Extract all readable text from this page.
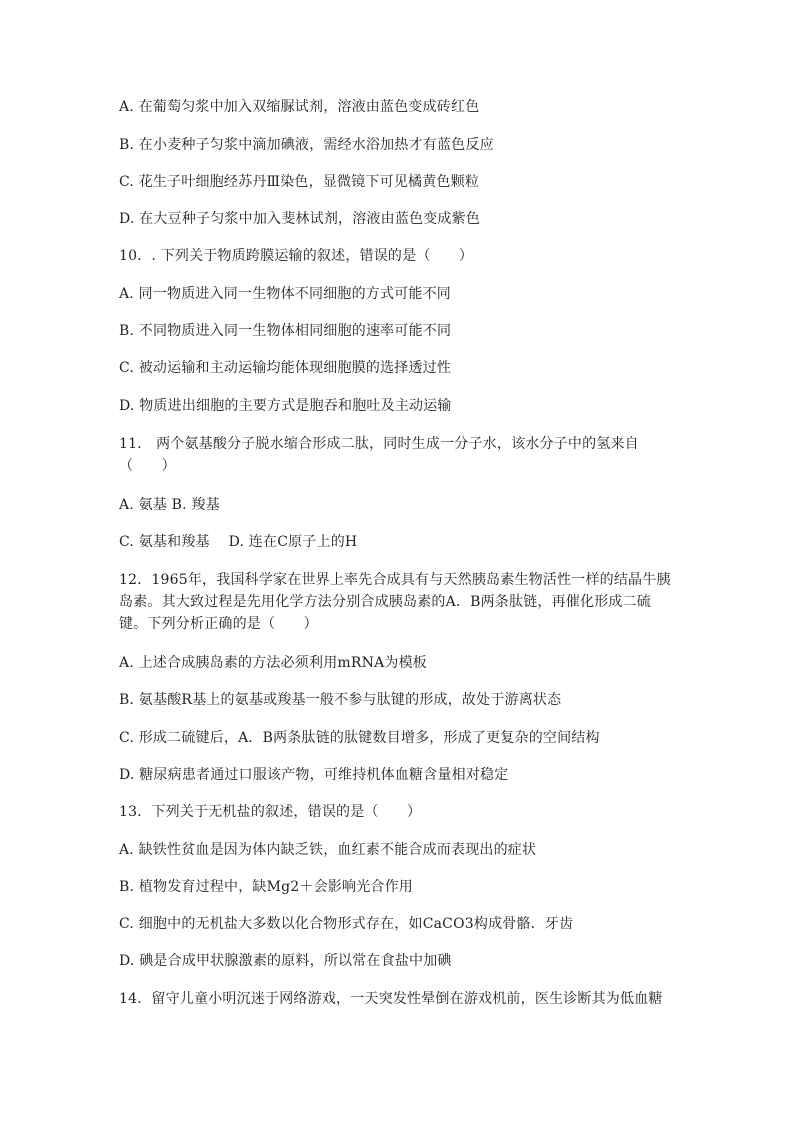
A. 在葡萄匀浆中加入双缩脲试剂，溶液由蓝色变成砖红色
B. 在小麦种子匀浆中滴加碘液，需经水浴加热才有蓝色反应
C. 花生子叶细胞经苏丹Ⅲ染色，显微镜下可见橘黄色颗粒
D. 在大豆种子匀浆中加入斐林试剂，溶液由蓝色变成紫色
10．. 下列关于物质跨膜运输的叙述，错误的是（　　）
A. 同一物质进入同一生物体不同细胞的方式可能不同
B. 不同物质进入同一生物体相同细胞的速率可能不同
C. 被动运输和主动运输均能体现细胞膜的选择透过性
D. 物质进出细胞的主要方式是胞吞和胞吐及主动运输
11． 两个氨基酸分子脱水缩合形成二肽，同时生成一分子水，该水分子中的氢来自（　　）
A. 氨基 B. 羧基
C. 氨基和羧基　 D. 连在C原子上的H
12．1965年，我国科学家在世界上率先合成具有与天然胰岛素生物活性一样的结晶牛胰岛素。其大致过程是先用化学方法分别合成胰岛素的A．B两条肽链，再催化形成二硫键。下列分析正确的是（　　）
A. 上述合成胰岛素的方法必须利用mRNA为模板
B. 氨基酸R基上的氨基或羧基一般不参与肽键的形成，故处于游离状态
C. 形成二硫键后，A．B两条肽链的肽键数目增多，形成了更复杂的空间结构
D. 糖尿病患者通过口服该产物，可维持机体血糖含量相对稳定
13．下列关于无机盐的叙述，错误的是（　　）
A. 缺铁性贫血是因为体内缺乏铁，血红素不能合成而表现出的症状
B. 植物发育过程中，缺Mg2＋会影响光合作用
C. 细胞中的无机盐大多数以化合物形式存在，如CaCO3构成骨骼．牙齿
D. 碘是合成甲状腺激素的原料，所以常在食盐中加碘
14．留守儿童小明沉迷于网络游戏，一天突发性晕倒在游戏机前，医生诊断其为低血糖
